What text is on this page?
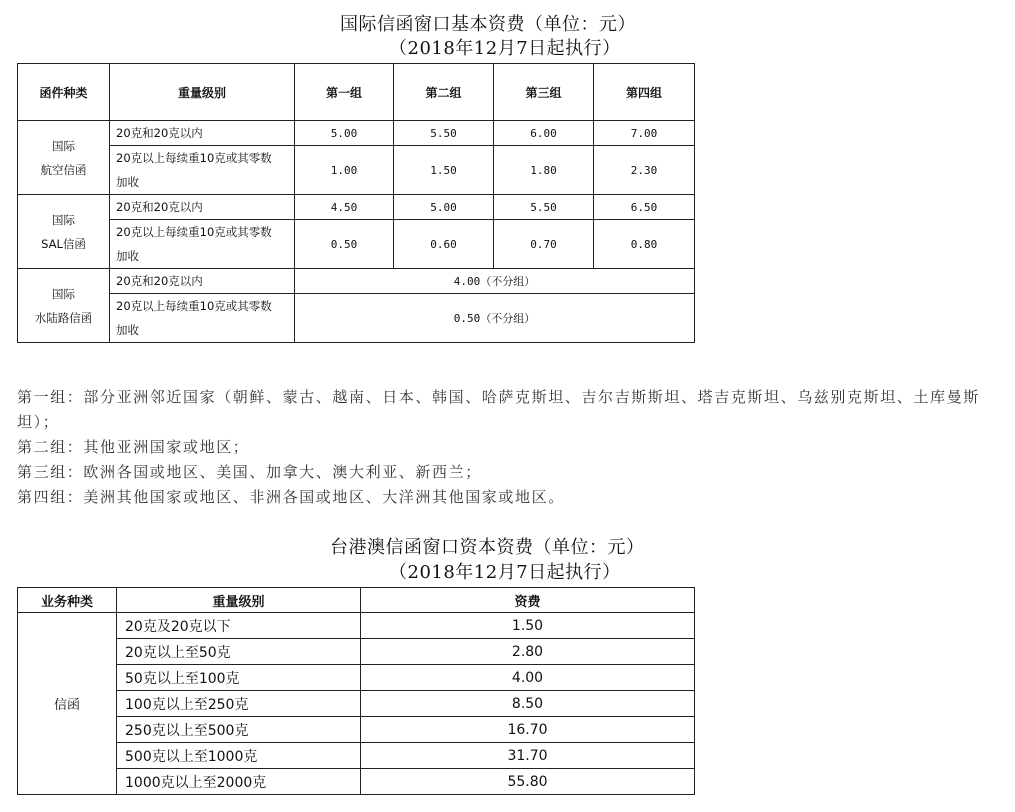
国际信函窗口基本资费（单位：元）
（2018年12月7日起执行）
函件种类	重量级别	第一组	第二组	第三组	第四组

国际
航空信函	20克和20克以内	5.00	5.50	6.00	7.00

	20克以上每续重10克或其零数
加收	1.00	1.50	1.80	2.30

国际
SAL信函	20克和20克以内	4.50	5.00	5.50	6.50

	20克以上每续重10克或其零数
加收	0.50	0.60	0.70	0.80

国际
水陆路信函	20克和20克以内	4.00（不分组）			

	20克以上每续重10克或其零数
加收	0.50（不分组）			

第一组：部分亚洲邻近国家（朝鲜、蒙古、越南、日本、韩国、哈萨克斯坦、吉尔吉斯斯坦、塔吉克斯坦、乌兹别克斯坦、土库曼斯坦）；

第二组：其他亚洲国家或地区；

第三组：欧洲各国或地区、美国、加拿大、澳大利亚、新西兰；

第四组：美洲其他国家或地区、非洲各国或地区、大洋洲其他国家或地区。

台港澳信函窗口资本资费（单位：元）
（2018年12月7日起执行）
业务种类	重量级别	资费
信函	20克及20克以下	1.50
	20克以上至50克	2.80
	50克以上至100克	4.00
	100克以上至250克	8.50
	250克以上至500克	16.70
	500克以上至1000克	31.70
	1000克以上至2000克	55.80
